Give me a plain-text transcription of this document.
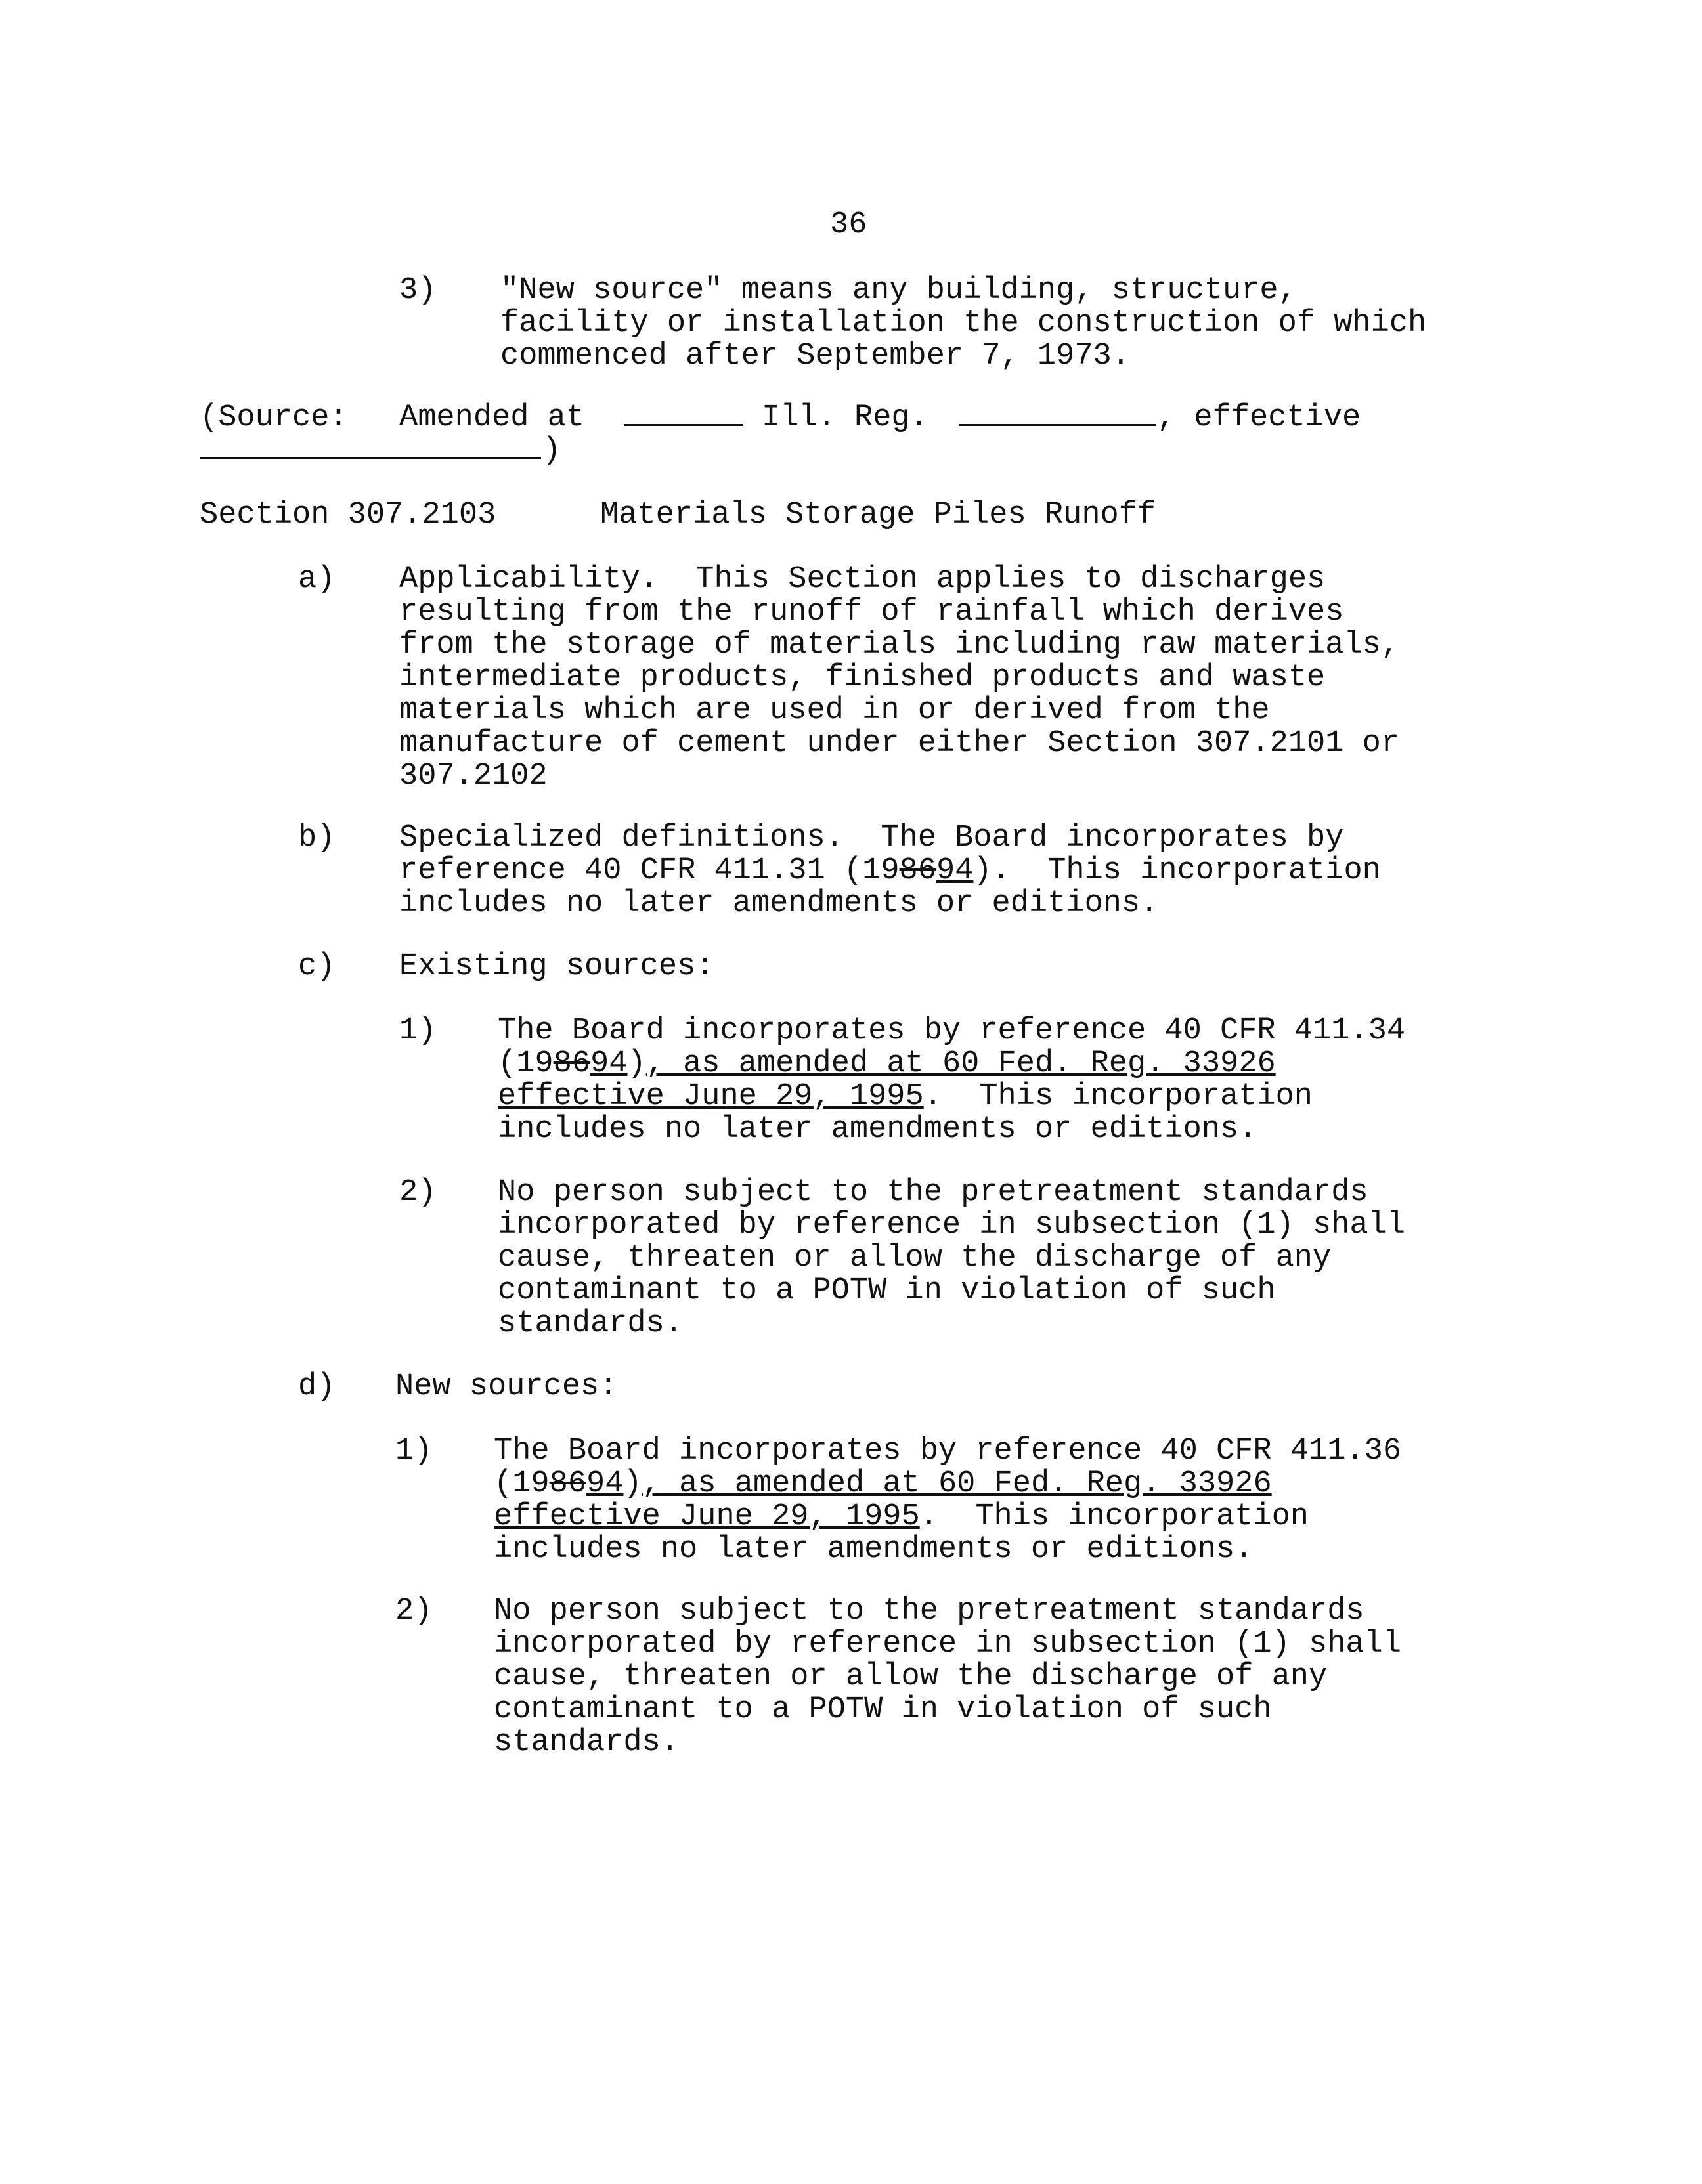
36
3) "New source" means any building, structure,
facility or installation the construction of which
commenced after September 7, 1973.
(Source: Amended at	Ill. Reg.	, effective
)
Section 307.2103	Materials Storage Piles Runoff
a) Applicability.  This Section applies to discharges
resulting from the runoff of rainfall which derives
from the storage of materials including raw materials,
intermediate products, finished products and waste
materials which are used in or derived from the
manufacture of cement under either Section 307.2101 or
307.2102
b) Specialized definitions.  The Board incorporates by
reference 40 CFR 411.31 (198694).  This incorporation
includes no later amendments or editions.
c) Existing sources:
1) The Board incorporates by reference 40 CFR 411.34
(198694), as amended at 60 Fed. Reg. 33926
effective June 29, 1995.  This incorporation
includes no later amendments or editions.
2) No person subject to the pretreatment standards
incorporated by reference in subsection (1) shall
cause, threaten or allow the discharge of any
contaminant to a POTW in violation of such
standards.
d) New sources:
1) The Board incorporates by reference 40 CFR 411.36
(198694), as amended at 60 Fed. Reg. 33926
effective June 29, 1995.  This incorporation
includes no later amendments or editions.
2) No person subject to the pretreatment standards
incorporated by reference in subsection (1) shall
cause, threaten or allow the discharge of any
contaminant to a POTW in violation of such
standards.
